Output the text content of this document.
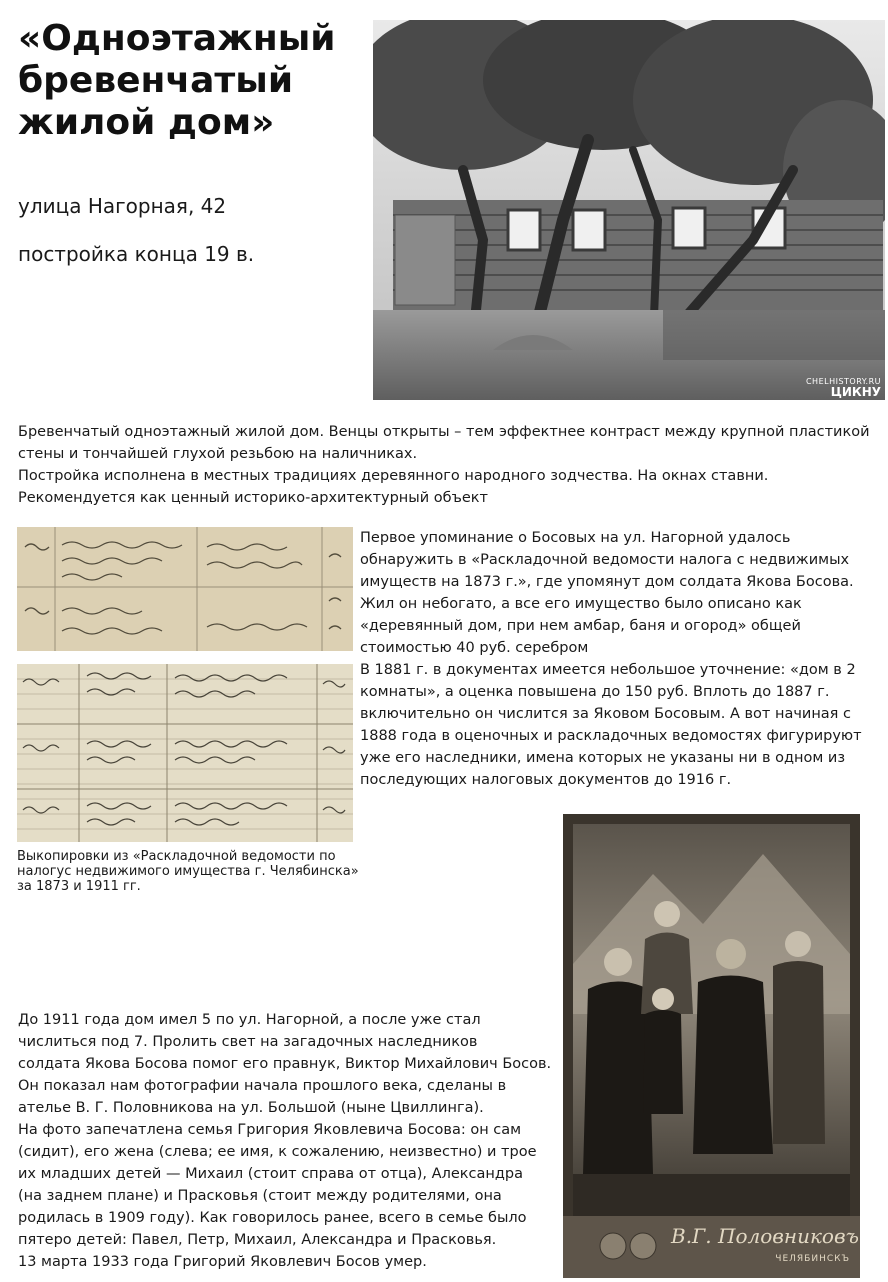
«Одноэтажный
бревенчатый
жилой дом»
улица Нагорная, 42
постройка конца 19 в.
CHELHISTORY.RU
ЦИКНУ
Бревенчатый одноэтажный жилой дом. Венцы открыты – тем эффектнее контраст между крупной пластикой
стены и тончайшей глухой резьбою на наличниках.
Постройка исполнена в местных традициях деревянного народного зодчества. На окнах ставни.
Рекомендуется как ценный историко-архитектурный объект
Первое упоминание о Босовых на ул. Нагорной удалось
обнаружить в «Раскладочной ведомости налога с недвижимых
имуществ на 1873 г.», где упомянут дом солдата Якова Босова.
Жил он небогато, а все его имущество было описано как
«деревянный дом, при нем амбар, баня и огород» общей
стоимостью 40 руб. серебром
В 1881 г. в документах имеется небольшое уточнение: «дом в 2
комнаты», а оценка повышена до 150 руб. Вплоть до 1887 г.
включительно он числится за Яковом Босовым. А вот начиная с
1888 года в оценочных и раскладочных ведомостях фигурируют
уже его наследники, имена которых не указаны ни в одном из
последующих налоговых документов до 1916 г.
Выкопировки из «Раскладочной ведомости по
налогус недвижимого имущества г. Челябинска»
за 1873 и 1911 гг.
В.Г. Половниковъ
ЧЕЛЯБИНСКЪ
До 1911 года дом имел 5 по ул. Нагорной, а после уже стал
числиться под 7. Пролить свет на загадочных наследников
солдата Якова Босова помог его правнук, Виктор Михайлович Босов.
Он показал нам фотографии начала прошлого века, сделаны в
ателье В. Г. Половникова на ул. Большой (ныне Цвиллинга).
На фото запечатлена семья Григория Яковлевича Босова: он сам
(сидит), его жена (слева; ее имя, к сожалению, неизвестно) и трое
их младших детей — Михаил (стоит справа от отца), Александра
(на заднем плане) и Прасковья (стоит между родителями, она
родилась в 1909 году). Как говорилось ранее, всего в семье было
пятеро детей: Павел, Петр, Михаил, Александра и Прасковья.
13 марта 1933 года Григорий Яковлевич Босов умер.
